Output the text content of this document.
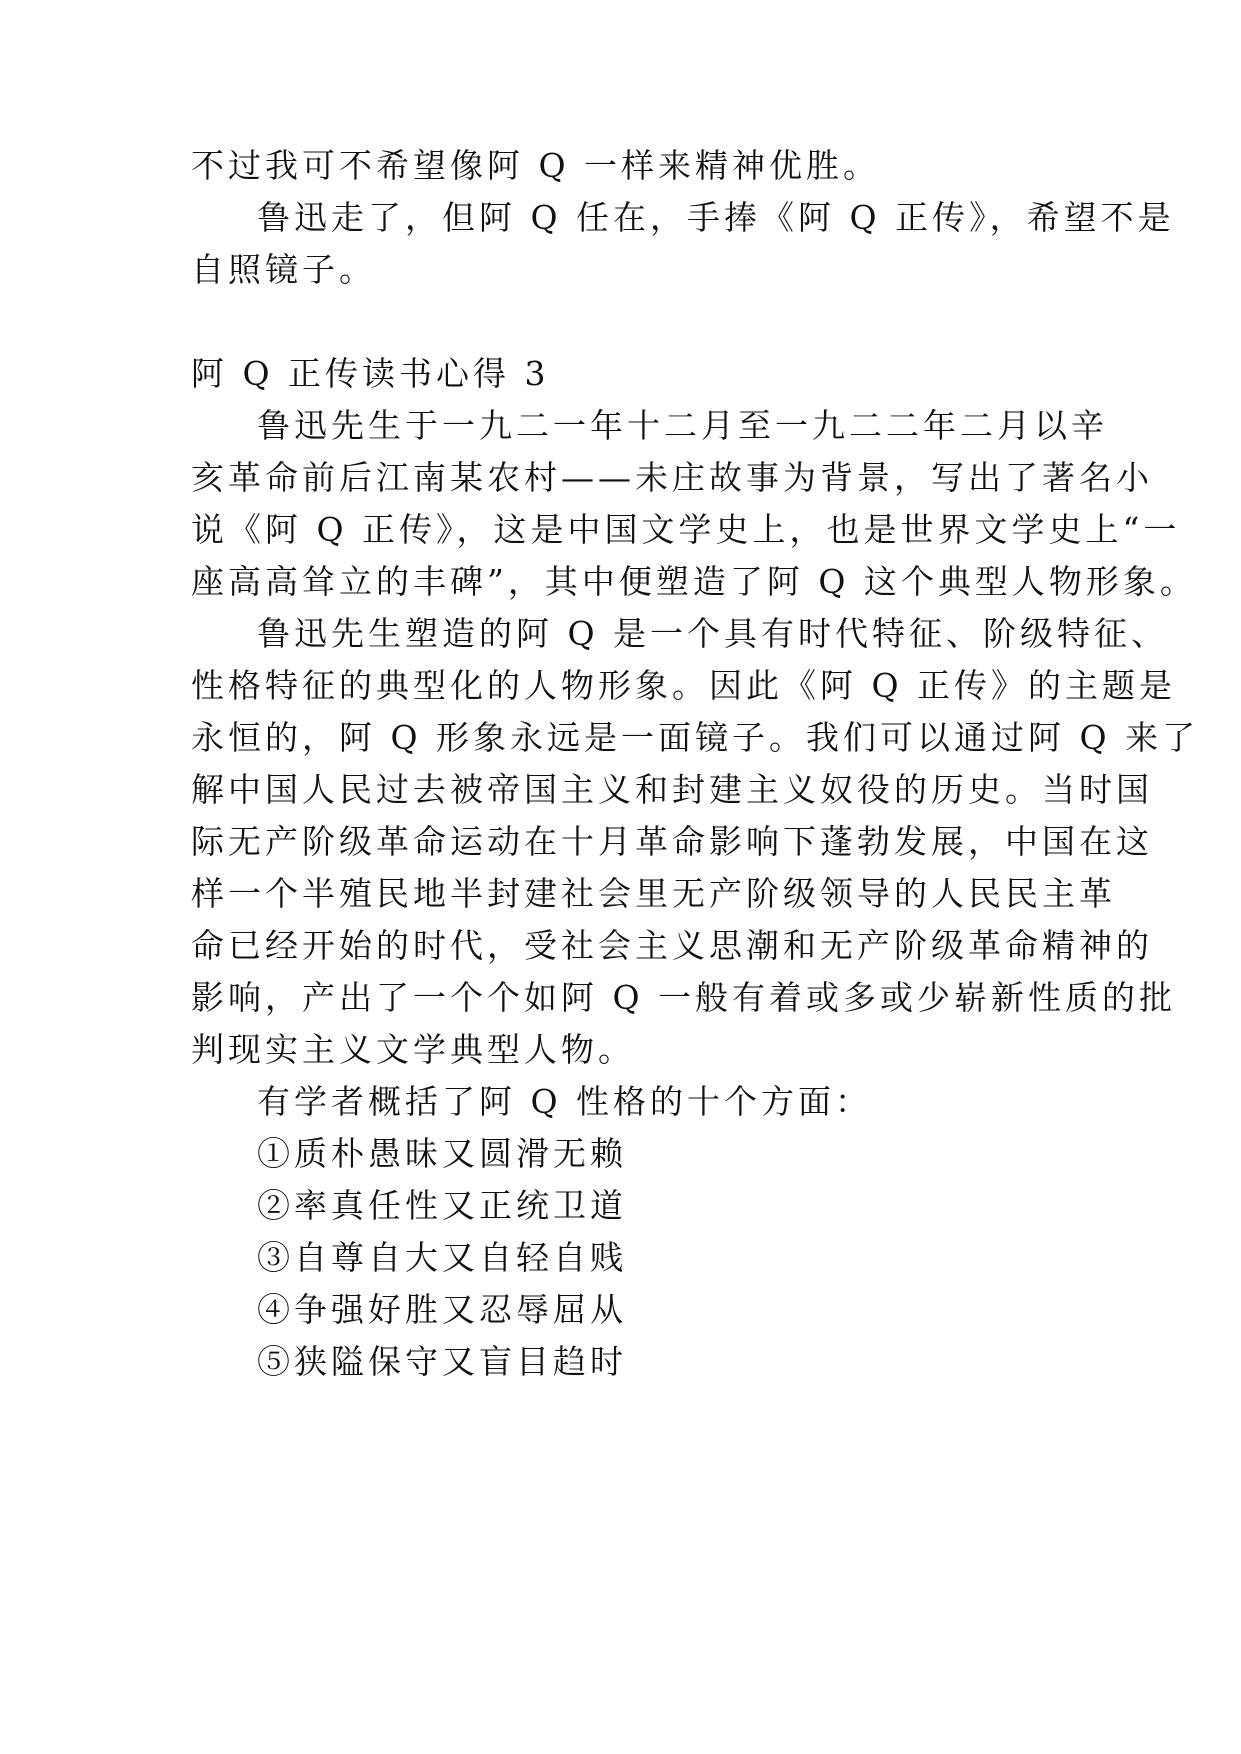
不过我可不希望像阿 Q 一样来精神优胜。
鲁迅走了，但阿 Q 任在，手捧《阿 Q 正传》，希望不是
自照镜子。
阿 Q 正传读书心得 3
鲁迅先生于一九二一年十二月至一九二二年二月以辛
亥革命前后江南某农村——未庄故事为背景，写出了著名小
说《阿 Q 正传》，这是中国文学史上，也是世界文学史上“一
座高高耸立的丰碑”，其中便塑造了阿 Q 这个典型人物形象。
鲁迅先生塑造的阿 Q 是一个具有时代特征、阶级特征、
性格特征的典型化的人物形象。因此《阿 Q 正传》的主题是
永恒的，阿 Q 形象永远是一面镜子。我们可以通过阿 Q 来了
解中国人民过去被帝国主义和封建主义奴役的历史。当时国
际无产阶级革命运动在十月革命影响下蓬勃发展，中国在这
样一个半殖民地半封建社会里无产阶级领导的人民民主革
命已经开始的时代，受社会主义思潮和无产阶级革命精神的
影响，产出了一个个如阿 Q 一般有着或多或少崭新性质的批
判现实主义文学典型人物。
有学者概括了阿 Q 性格的十个方面：
①质朴愚昧又圆滑无赖
②率真任性又正统卫道
③自尊自大又自轻自贱
④争强好胜又忍辱屈从
⑤狭隘保守又盲目趋时
